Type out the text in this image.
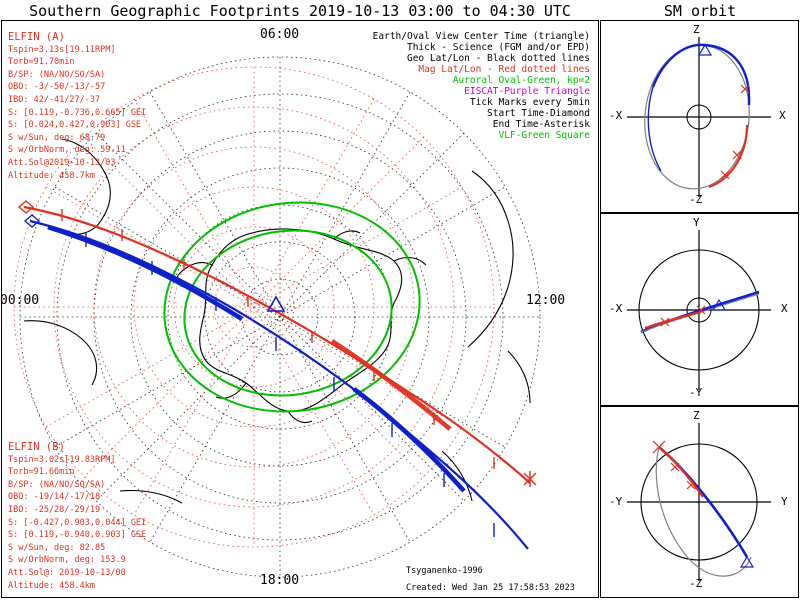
Southern Geographic Footprints 2019-10-13 03:00 to 04:30 UTC	SM orbit
06:00
12:00
18:00
00:00
Earth/Oval View Center Time (triangle)
Thick - Science (FGM and/or EPD)
Geo Lat/Lon - Black dotted lines
Mag Lat/Lon - Red dotted lines
Auroral Oval-Green, kp=2
EISCAT-Purple Triangle
Tick Marks every 5min
Start Time-Diamond
End Time-Asterisk
VLF-Green Square
ELFIN (A)
Tspin=3.13s[19.11RPM]
Torb=91.70min
B/SP: (NA/NO/SO/SA)
OBO: -3/-50/-13/-57
IBO: 42/-41/27/-37
S: [0.119,-0.736,0.665] GEI
S: [0.024,0.427,0.903] GSE
S w/Sun, deg: 68.79
S w/OrbNorm, deg: 59.11
Att.Sol@2019-10-13/03
Altitude: 458.7km
ELFIN (B)
Tspin=3.02s[19.83RPM]
Torb=91.66min
B/SP: (NA/NO/SO/SA)
OBO: -19/14/-17/18
IBO: -25/28/-29/19
S: [-0.427,0.903,0.044] GEI
S: [0.119,-0.940,0.903] GSE
S w/Sun, deg: 82.85
S w/OrbNorm, deg: 153.9
Att.Sol@: 2019-10-13/00
Altitude: 458.4km
Tsyganenko-1996
Created: Wed Jan 25 17:58:53 2023
Z
-Z
-X	X
Y
-Y
-X	X
Z
-Z
-Y	Y
